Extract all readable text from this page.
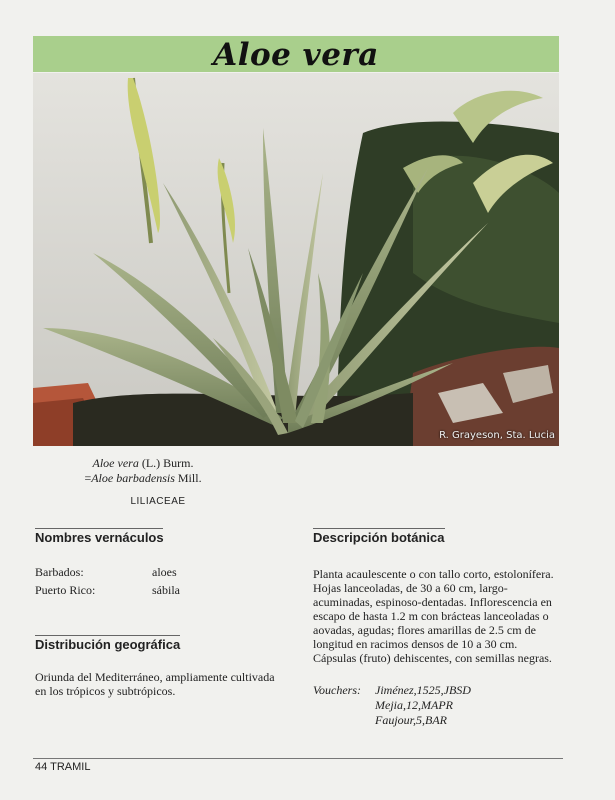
Aloe vera
R. Grayeson, Sta. Lucia
Aloe vera (L.) Burm.
=Aloe barbadensis Mill.
LILIACEAE
Nombres vernáculos
Barbados:	aloes
Puerto Rico:	sábila
Distribución geográfica
Oriunda del Mediterráneo, ampliamente cultivada en los trópicos y subtrópicos.
Descripción botánica
Planta acaulescente o con tallo corto, estolonífera. Hojas lanceoladas, de 30 a 60 cm, largo-acuminadas, espinoso-dentadas. Inflorescencia en escapo de hasta 1.2 m con brácteas lanceoladas o aovadas, agudas; flores amarillas de 2.5 cm de longitud en racimos densos de 10 a 30 cm. Cápsulas (fruto) dehiscentes, con semillas negras.
Vouchers: Jiménez,1525,JBSD
Mejia,12,MAPR
Faujour,5,BAR
44 TRAMIL
